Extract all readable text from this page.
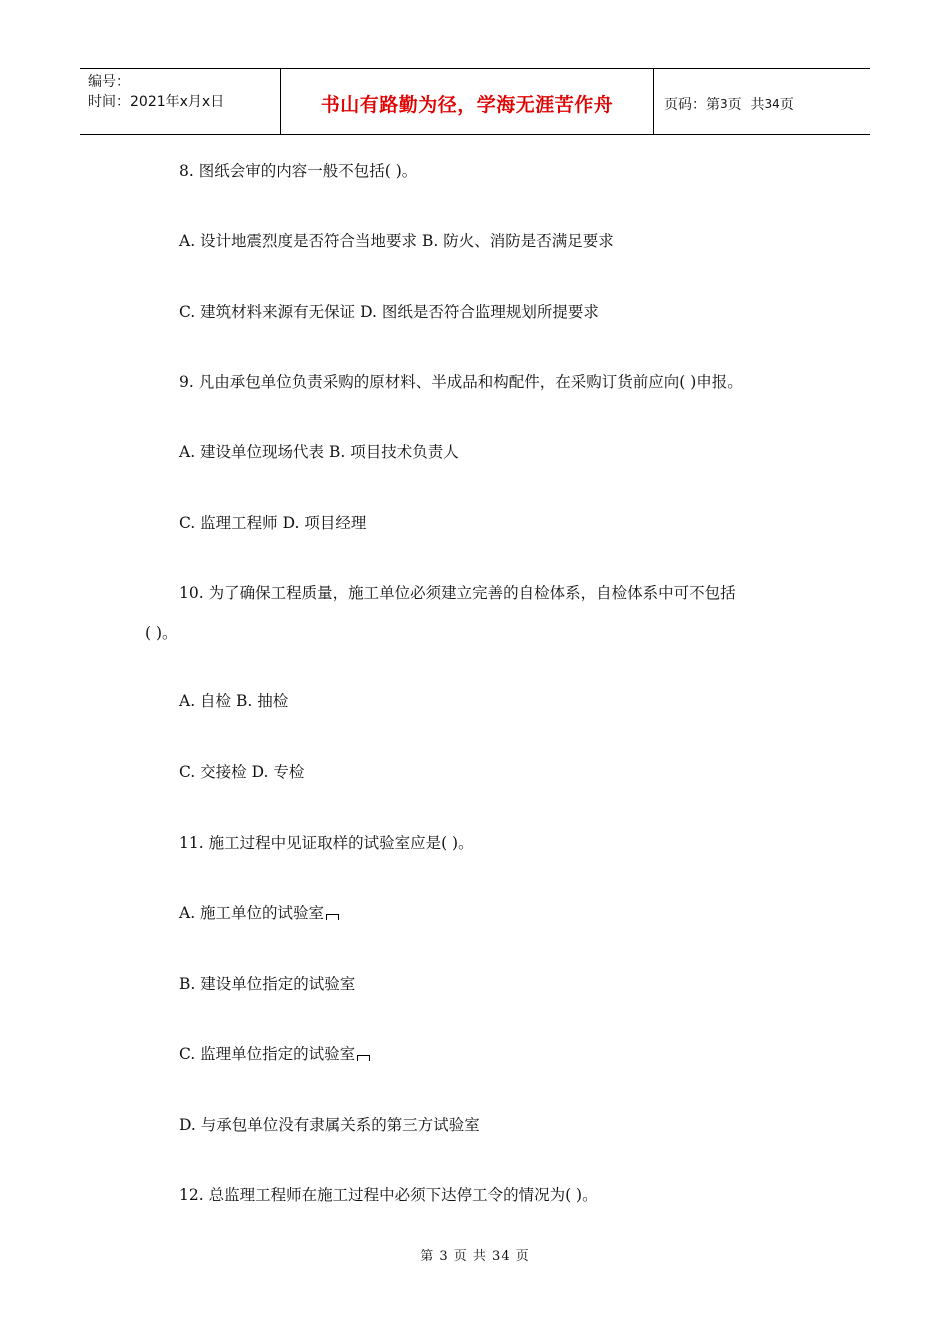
编号：
时间：2021年x月x日	书山有路勤为径，学海无涯苦作舟	页码：第 3 页  共 34 页
8. 图纸会审的内容一般不包括( )。
A. 设计地震烈度是否符合当地要求 B. 防火、消防是否满足要求
C. 建筑材料来源有无保证 D. 图纸是否符合监理规划所提要求
9. 凡由承包单位负责采购的原材料、半成品和构配件，在采购订货前应向( )申报。
A. 建设单位现场代表 B. 项目技术负责人
C. 监理工程师 D. 项目经理
10. 为了确保工程质量，施工单位必须建立完善的自检体系，自检体系中可不包括
( )。
A. 自检 B. 抽检
C. 交接检 D. 专检
11. 施工过程中见证取样的试验室应是( )。
A. 施工单位的试验室
B. 建设单位指定的试验室
C. 监理单位指定的试验室
D. 与承包单位没有隶属关系的第三方试验室
12. 总监理工程师在施工过程中必须下达停工令的情况为( )。
第 3 页 共 34 页
